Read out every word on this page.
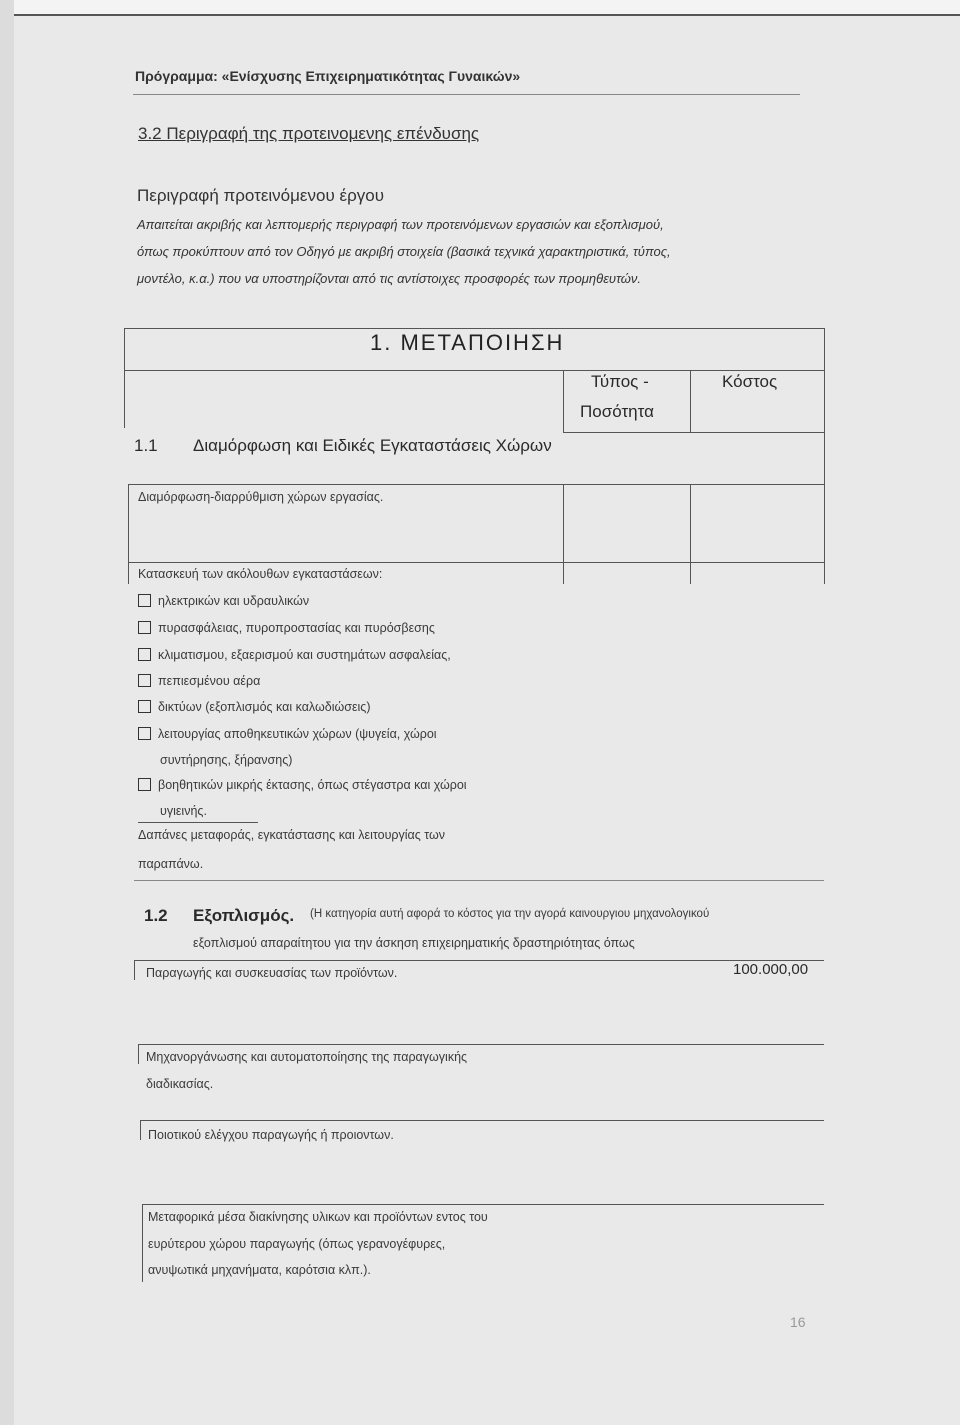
Πρόγραμμα: «Ενίσχυσης Επιχειρηματικότητας Γυναικών»
3.2 Περιγραφή της προτεινομενης επένδυσης
Περιγραφή προτεινόμενου έργου
Απαιτείται ακριβής και λεπτομερής περιγραφή των προτεινόμενων εργασιών και εξοπλισμού,
όπως προκύπτουν από τον Οδηγό με ακριβή στοιχεία (βασικά τεχνικά χαρακτηριστικά, τύπος,
μοντέλο, κ.α.) που να υποστηρίζονται από τις αντίστοιχες προσφορές των προμηθευτών.
1. ΜΕΤΑΠΟΙΗΣΗ
Τύπος -
Ποσότητα
Κόστος
1.1 Διαμόρφωση και Ειδικές Εγκαταστάσεις Χώρων
Διαμόρφωση-διαρρύθμιση χώρων εργασίας.
Κατασκευή των ακόλουθων εγκαταστάσεων:
ηλεκτρικών και υδραυλικών
πυρασφάλειας, πυροπροστασίας και πυρόσβεσης
κλιματισμου, εξαερισμού και συστημάτων ασφαλείας,
πεπιεσμένου αέρα
δικτύων (εξοπλισμός και καλωδιώσεις)
λειτουργίας αποθηκευτικών χώρων (ψυγεία, χώροι
συντήρησης, ξήρανσης)
βοηθητικών μικρής έκτασης, όπως στέγαστρα και χώροι
υγιεινής.
Δαπάνες μεταφοράς, εγκατάστασης και λειτουργίας των
παραπάνω.
1.2 Εξοπλισμός. (Η κατηγορία αυτή αφορά το κόστος για την αγορά καινουργιου μηχανολογικού
εξοπλισμού απαραίτητου για την άσκηση επιχειρηματικής δραστηριότητας όπως
Παραγωγής και συσκευασίας των προϊόντων.	100.000,00
Μηχανοργάνωσης και αυτοματοποίησης της παραγωγικής
διαδικασίας.
Ποιοτικού ελέγχου παραγωγής ή προιοντων.
Μεταφορικά μέσα διακίνησης υλικων και προϊόντων εντος του
ευρύτερου χώρου παραγωγής (όπως γερανογέφυρες,
ανυψωτικά μηχανήματα, καρότσια κλπ.).
16
